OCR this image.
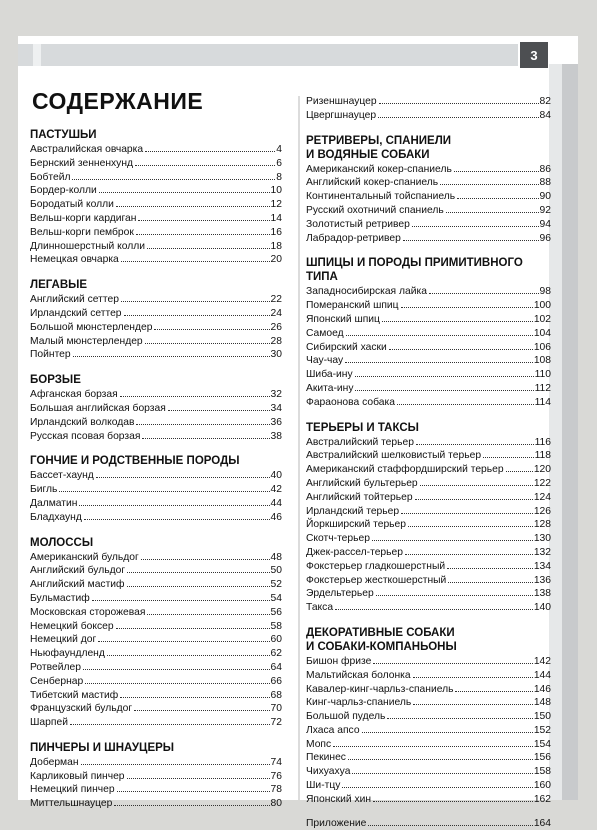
3
СОДЕРЖАНИЕ
ПАСТУШЬИ
Австралийская овчарка	4
Бернский зенненхунд	6
Бобтейл	8
Бордер-колли	10
Бородатый колли	12
Вельш-корги кардиган	14
Вельш-корги пемброк	16
Длинношерстный колли	18
Немецкая овчарка	20
ЛЕГАВЫЕ
Английский сеттер	22
Ирландский сеттер	24
Большой мюнстерлендер	26
Малый мюнстерлендер	28
Пойнтер	30
БОРЗЫЕ
Афганская борзая	32
Большая английская борзая	34
Ирландский волкодав	36
Русская псовая борзая	38
ГОНЧИЕ И РОДСТВЕННЫЕ ПОРОДЫ
Бассет-хаунд	40
Бигль	42
Далматин	44
Бладхаунд	46
МОЛОССЫ
Американский бульдог	48
Английский бульдог	50
Английский мастиф	52
Бульмастиф	54
Московская сторожевая	56
Немецкий боксер	58
Немецкий дог	60
Ньюфаундленд	62
Ротвейлер	64
Сенбернар	66
Тибетский мастиф	68
Французский бульдог	70
Шарпей	72
ПИНЧЕРЫ И ШНАУЦЕРЫ
Доберман	74
Карликовый пинчер	76
Немецкий пинчер	78
Миттельшнауцер	80
Ризеншнауцер	82
Цвергшнауцер	84
РЕТРИВЕРЫ, СПАНИЕЛИ
И ВОДЯНЫЕ СОБАКИ
Американский кокер-спаниель	86
Английский кокер-спаниель	88
Континентальный тойспаниель	90
Русский охотничий спаниель	92
Золотистый ретривер	94
Лабрадор-ретривер	96
ШПИЦЫ И ПОРОДЫ ПРИМИТИВНОГО ТИПА
Западносибирская лайка	98
Померанский шпиц	100
Японский шпиц	102
Самоед	104
Сибирский хаски	106
Чау-чау	108
Шиба-ину	110
Акита-ину	112
Фараонова собака	114
ТЕРЬЕРЫ И ТАКСЫ
Австралийский терьер	116
Австралийский шелковистый терьер	118
Американский стаффордширский терьер	120
Английский бультерьер	122
Английский тойтерьер	124
Ирландский терьер	126
Йоркширский терьер	128
Скотч-терьер	130
Джек-рассел-терьер	132
Фокстерьер гладкошерстный	134
Фокстерьер жесткошерстный	136
Эрдельтерьер	138
Такса	140
ДЕКОРАТИВНЫЕ СОБАКИ
И СОБАКИ-КОМПАНЬОНЫ
Бишон фризе	142
Мальтийская болонка	144
Кавалер-кинг-чарльз-спаниель	146
Кинг-чарльз-спаниель	148
Большой пудель	150
Лхаса апсо	152
Мопс	154
Пекинес	156
Чихуахуа	158
Ши-тцу	160
Японский хин	162
Приложение	164
